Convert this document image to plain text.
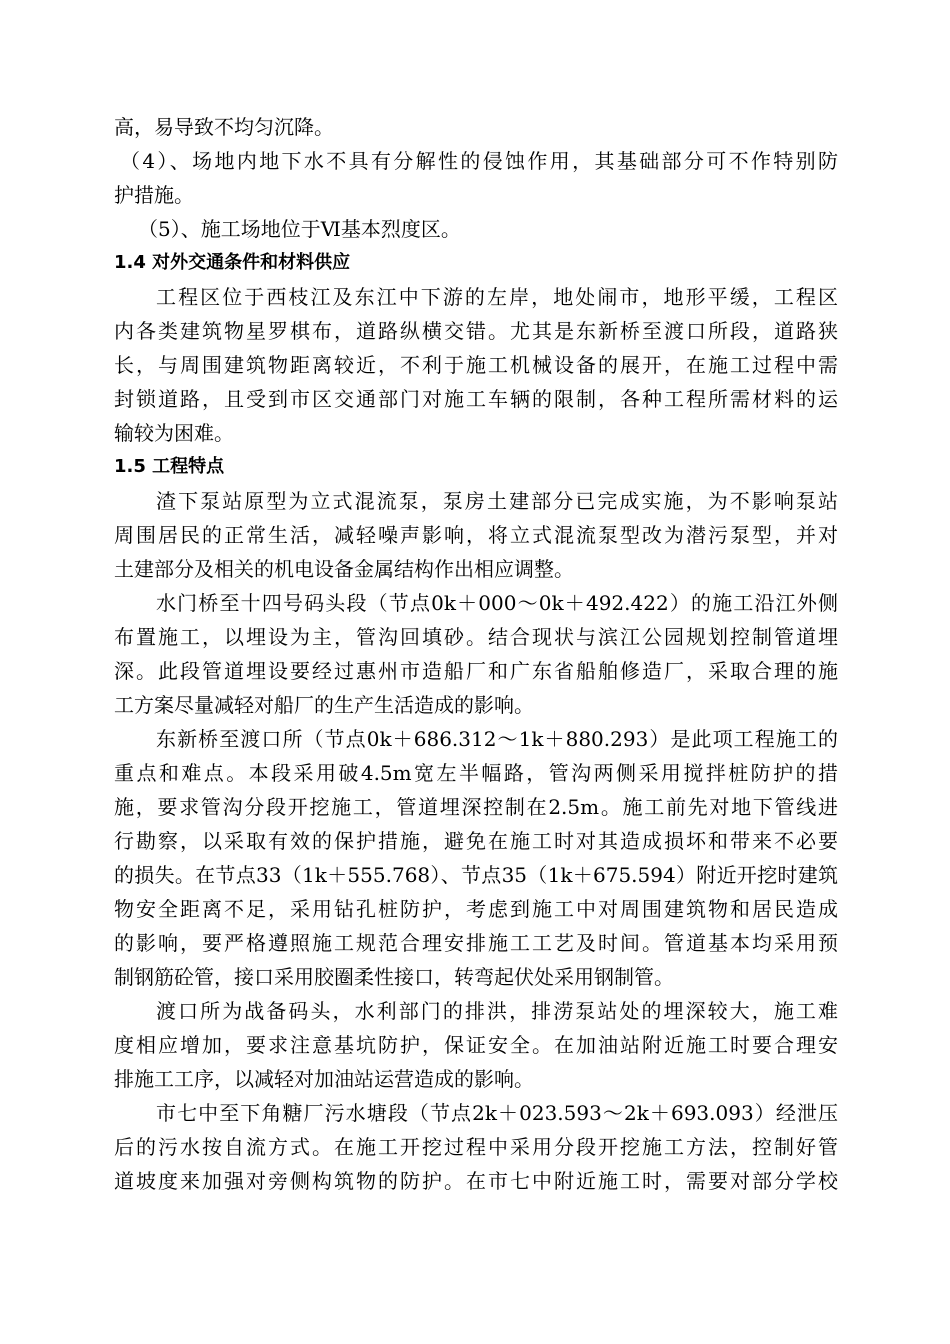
高，易导致不均匀沉降。
（4）、场地内地下水不具有分解性的侵蚀作用，其基础部分可不作特别防
护措施。
（5）、施工场地位于Ⅵ基本烈度区。
1.4 对外交通条件和材料供应
工程区位于西枝江及东江中下游的左岸，地处闹市，地形平缓，工程区
内各类建筑物星罗棋布，道路纵横交错。尤其是东新桥至渡口所段，道路狭
长，与周围建筑物距离较近，不利于施工机械设备的展开，在施工过程中需
封锁道路，且受到市区交通部门对施工车辆的限制，各种工程所需材料的运
输较为困难。
1.5 工程特点
渣下泵站原型为立式混流泵，泵房土建部分已完成实施，为不影响泵站
周围居民的正常生活，减轻噪声影响，将立式混流泵型改为潜污泵型，并对
土建部分及相关的机电设备金属结构作出相应调整。
水门桥至十四号码头段（节点0k＋000～0k＋492.422）的施工沿江外侧
布置施工，以埋设为主，管沟回填砂。结合现状与滨江公园规划控制管道埋
深。此段管道埋设要经过惠州市造船厂和广东省船舶修造厂，采取合理的施
工方案尽量减轻对船厂的生产生活造成的影响。
东新桥至渡口所（节点0k＋686.312～1k＋880.293）是此项工程施工的
重点和难点。本段采用破4.5m宽左半幅路，管沟两侧采用搅拌桩防护的措
施，要求管沟分段开挖施工，管道埋深控制在2.5m。施工前先对地下管线进
行勘察，以采取有效的保护措施，避免在施工时对其造成损坏和带来不必要
的损失。在节点33（1k＋555.768）、节点35（1k＋675.594）附近开挖时建筑
物安全距离不足，采用钻孔桩防护，考虑到施工中对周围建筑物和居民造成
的影响，要严格遵照施工规范合理安排施工工艺及时间。管道基本均采用预
制钢筋砼管，接口采用胶圈柔性接口，转弯起伏处采用钢制管。
渡口所为战备码头，水利部门的排洪，排涝泵站处的埋深较大，施工难
度相应增加，要求注意基坑防护，保证安全。在加油站附近施工时要合理安
排施工工序，以减轻对加油站运营造成的影响。
市七中至下角糖厂污水塘段（节点2k＋023.593～2k＋693.093）经泄压
后的污水按自流方式。在施工开挖过程中采用分段开挖施工方法，控制好管
道坡度来加强对旁侧构筑物的防护。在市七中附近施工时，需要对部分学校
